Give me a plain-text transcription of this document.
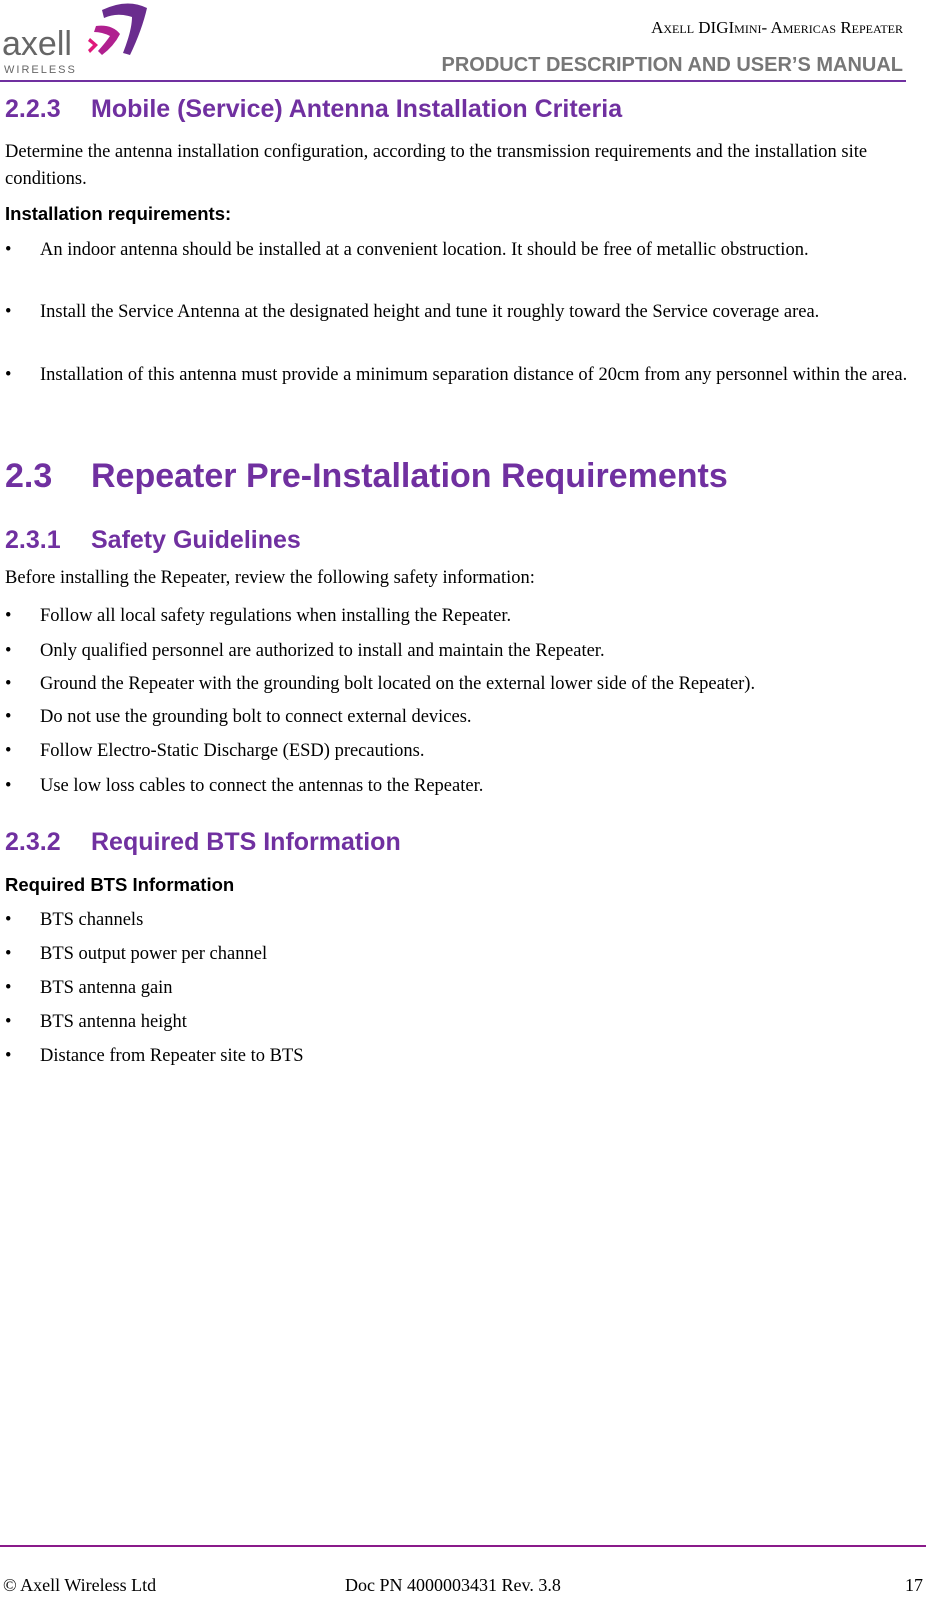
axell
WIRELESS
Axell DIGImini- Americas Repeater
PRODUCT DESCRIPTION AND USER’S MANUAL
2.2.3 Mobile (Service) Antenna Installation Criteria
Determine the antenna installation configuration, according to the transmission requirements and the installation site conditions.
Installation requirements:
• An indoor antenna should be installed at a convenient location. It should be free of metallic obstruction.
• Install the Service Antenna at the designated height and tune it roughly toward the Service coverage area.
• Installation of this antenna must provide a minimum separation distance of 20cm from any personnel within the area.
2.3 Repeater Pre-Installation Requirements
2.3.1 Safety Guidelines
Before installing the Repeater, review the following safety information:
• Follow all local safety regulations when installing the Repeater.
• Only qualified personnel are authorized to install and maintain the Repeater.
• Ground the Repeater with the grounding bolt located on the external lower side of the Repeater).
• Do not use the grounding bolt to connect external devices.
• Follow Electro-Static Discharge (ESD) precautions.
• Use low loss cables to connect the antennas to the Repeater.
2.3.2 Required BTS Information
Required BTS Information
• BTS channels
• BTS output power per channel
• BTS antenna gain
• BTS antenna height
• Distance from Repeater site to BTS
© Axell Wireless Ltd	Doc PN 4000003431 Rev. 3.8	17
